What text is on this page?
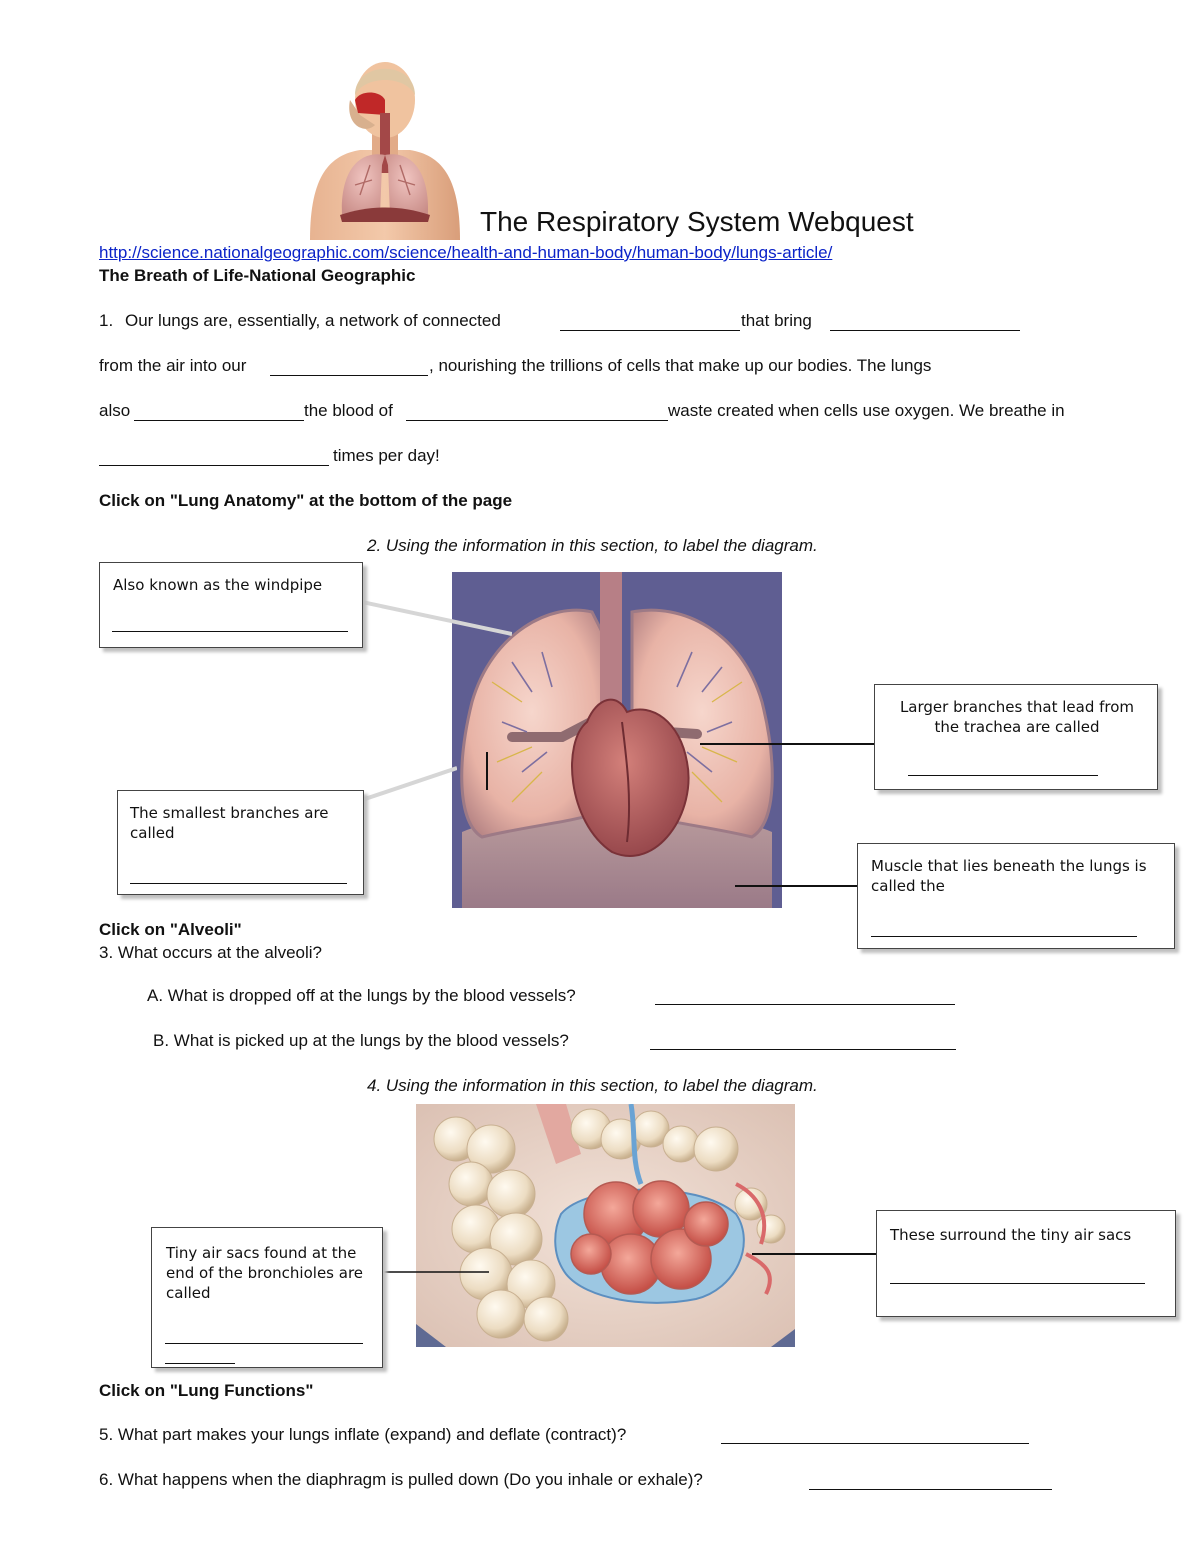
The Respiratory System Webquest
http://science.nationalgeographic.com/science/health-and-human-body/human-body/lungs-article/
The Breath of Life-National Geographic
1. Our lungs are, essentially, a network of connected	that bring
from the air into our	, nourishing the trillions of cells that make up our bodies. The lungs
also	the blood of	waste created when cells use oxygen. We breathe in
times per day!
Click on "Lung Anatomy" at the bottom of the page
2. Using the information in this section, to label the diagram.
Also known as the windpipe
Larger branches that lead from the trachea are called
The smallest branches are called
Muscle that lies beneath the lungs is called the
Click on "Alveoli"
3. What occurs at the alveoli?
A. What is dropped off at the lungs by the blood vessels?
B. What is picked up at the lungs by the blood vessels?
4. Using the information in this section, to label the diagram.
Tiny air sacs found at the end of the bronchioles are called
These surround the tiny air sacs
Click on "Lung Functions"
5. What part makes your lungs inflate (expand) and deflate (contract)?
6. What happens when the diaphragm is pulled down (Do you inhale or exhale)?
